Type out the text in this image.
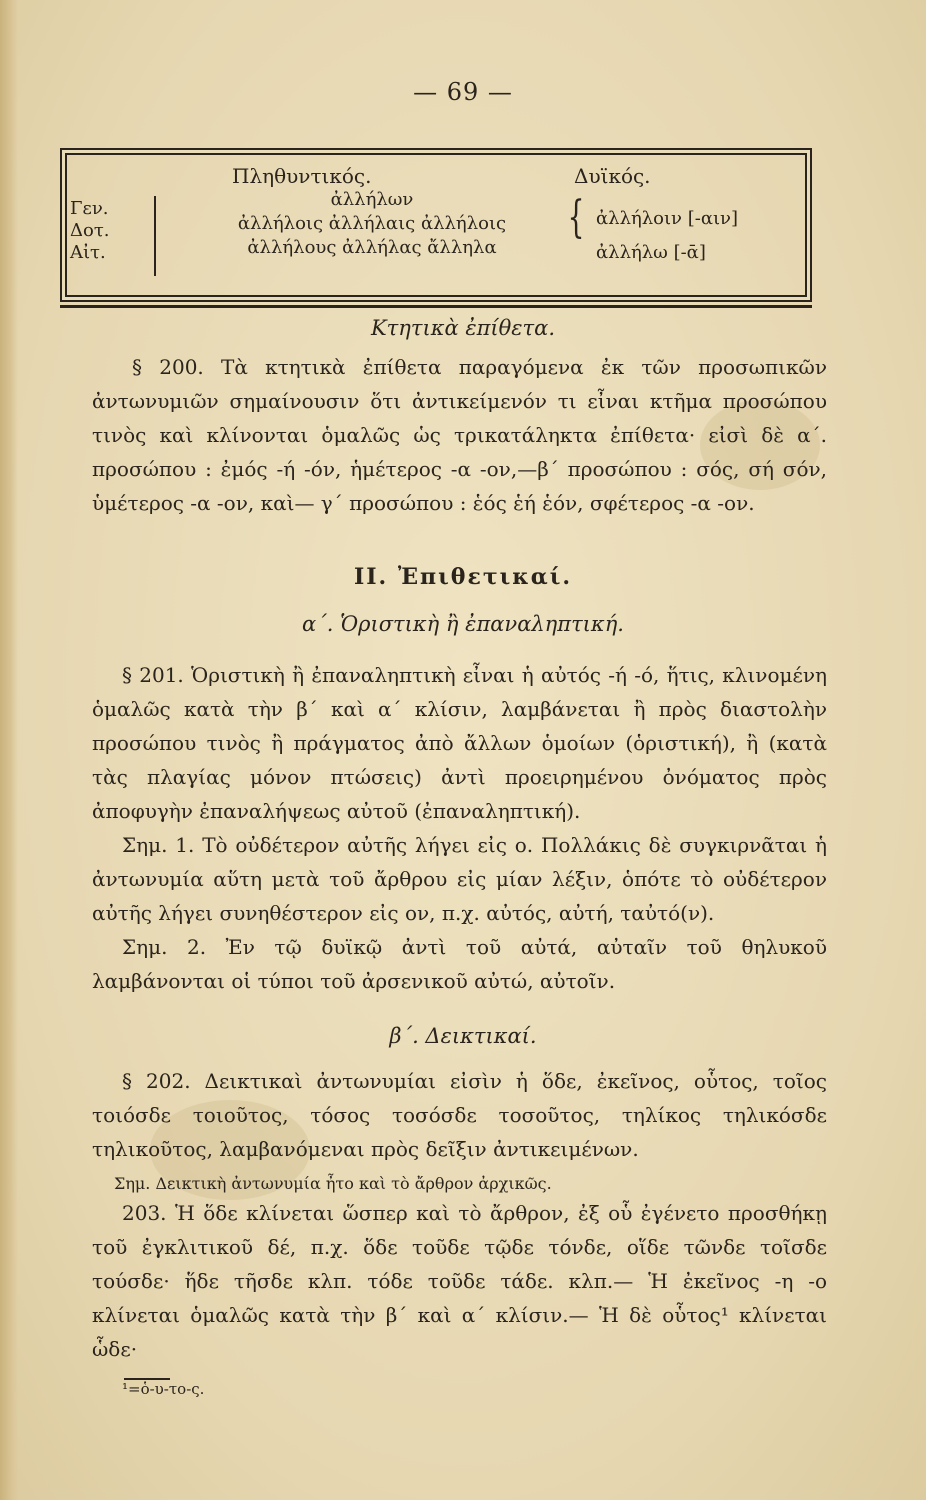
— 69 —
Πληθυντικός.	Δυϊκός.
Γεν.
Δοτ.
Αἰτ.
ἀλλήλων
ἀλλήλοις ἀλλήλαις ἀλλήλοις
ἀλλήλους ἀλλήλας ἄλληλα
{ ἀλλήλοιν [-αιν]
ἀλλήλω [-ᾱ]
Κτητικὰ ἐπίθετα.

§ 200. Τὰ κτητικὰ ἐπίθετα παραγόμενα ἐκ τῶν προσωπικῶν ἀντωνυμιῶν σημαίνουσιν ὅτι ἀντικείμενόν τι εἶναι κτῆμα προσώπου τινὸς καὶ κλίνονται ὁμαλῶς ὡς τρικατάληκτα ἐπίθετα· εἰσὶ δὲ α΄. προσώπου : ἐμός -ή -όν, ἡμέτερος -α -ον,—β΄ προσώπου : σός, σή σόν, ὑμέτερος -α -ον, καὶ— γ΄ προσώπου : ἑός ἑή ἑόν, σφέτερος -α -ον.

II. Ἐπιθετικαί.
α΄. Ὁριστικὴ ἢ ἐπαναληπτική.

§ 201. Ὁριστικὴ ἢ ἐπαναληπτικὴ εἶναι ἡ αὐτός -ή -ό, ἥτις, κλινομένη ὁμαλῶς κατὰ τὴν β΄ καὶ α΄ κλίσιν, λαμβάνεται ἢ πρὸς διαστολὴν προσώπου τινὸς ἢ πράγματος ἀπὸ ἄλλων ὁμοίων (ὁριστική), ἢ (κατὰ τὰς πλαγίας μόνον πτώσεις) ἀντὶ προειρημένου ὀνόματος πρὸς ἀποφυγὴν ἐπαναλήψεως αὐτοῦ (ἐπαναληπτική).

Σημ. 1. Τὸ οὐδέτερον αὐτῆς λήγει εἰς ο. Πολλάκις δὲ συγκιρνᾶται ἡ ἀντωνυμία αὕτη μετὰ τοῦ ἄρθρου εἰς μίαν λέξιν, ὁπότε τὸ οὐδέτερον αὐτῆς λήγει συνηθέστερον εἰς ον, π.χ. αὐτός, αὐτή, ταὐτό(ν).

Σημ. 2. Ἐν τῷ δυϊκῷ ἀντὶ τοῦ αὐτά, αὐταῖν τοῦ θηλυκοῦ λαμβάνονται οἱ τύποι τοῦ ἀρσενικοῦ αὐτώ, αὐτοῖν.

β΄. Δεικτικαί.

§ 202. Δεικτικαὶ ἀντωνυμίαι εἰσὶν ἡ ὅδε, ἐκεῖνος, οὗτος, τοῖος τοιόσδε τοιοῦτος, τόσος τοσόσδε τοσοῦτος, τηλίκος τηλικόσδε τηλικοῦτος, λαμβανόμεναι πρὸς δεῖξιν ἀντικειμένων.

Σημ. Δεικτικὴ ἀντωνυμία ἦτο καὶ τὸ ἄρθρον ἀρχικῶς.

203. Ἡ ὅδε κλίνεται ὥσπερ καὶ τὸ ἄρθρον, ἐξ οὗ ἐγένετο προσθήκῃ τοῦ ἐγκλιτικοῦ δέ, π.χ. ὅδε τοῦδε τῷδε τόνδε, οἵδε τῶνδε τοῖσδε τούσδε· ἥδε τῆσδε κλπ. τόδε τοῦδε τάδε. κλπ.— Ἡ ἐκεῖνος -η -ο κλίνεται ὁμαλῶς κατὰ τὴν β΄ καὶ α΄ κλίσιν.— Ἡ δὲ οὗτος¹ κλίνεται ὧδε·

¹=ὁ-υ-το-ς.
